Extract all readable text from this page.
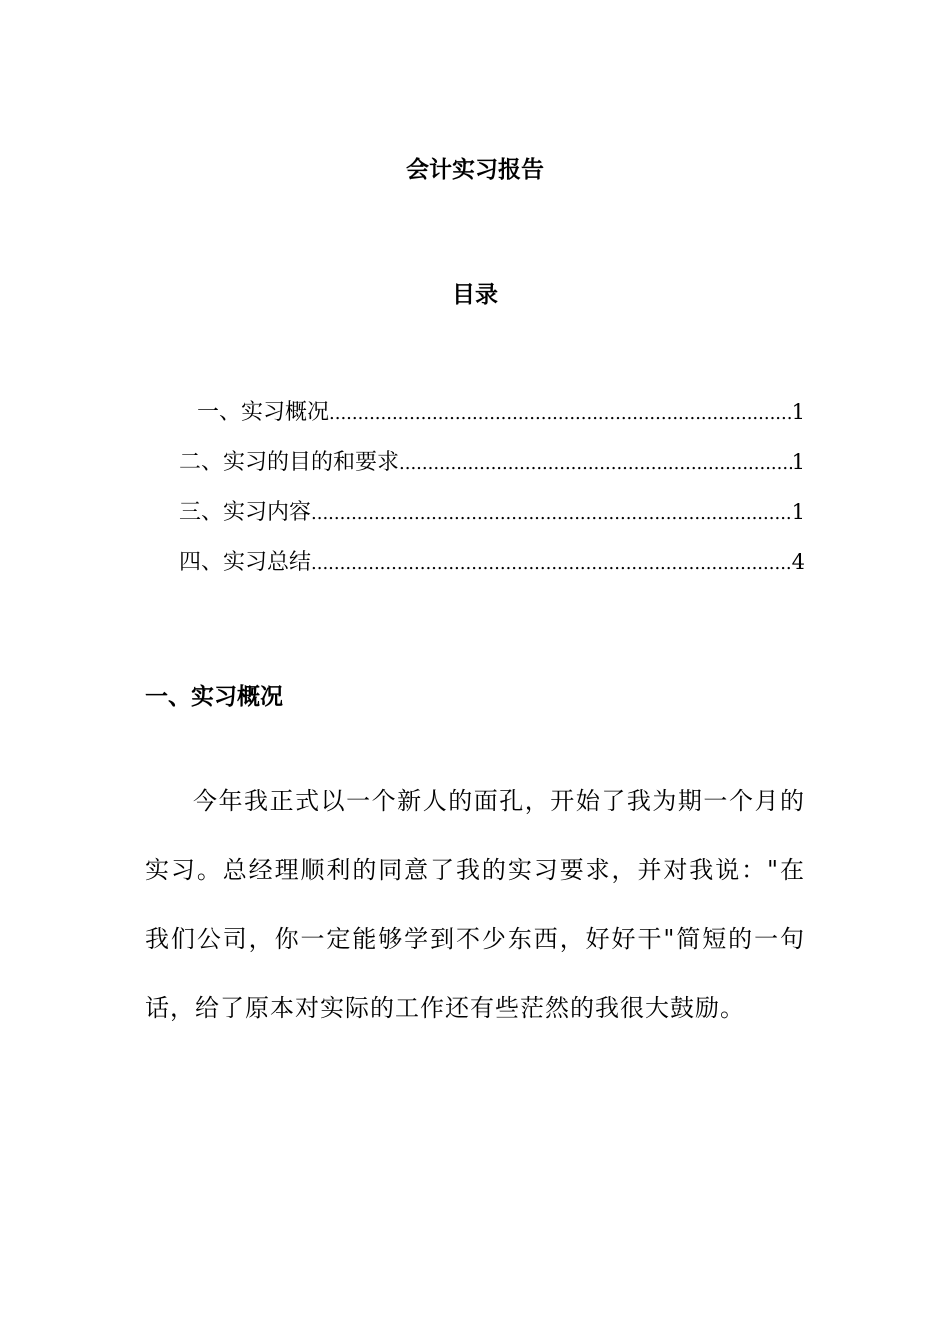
会计实习报告
目录
一、实习概况 .....	1
二、实习的目的和要求 .....	1
三、实习内容 .....	1
四、实习总结 .....	4
一、实习概况

今年我正式以一个新人的面孔，开始了我为期一个月的实习。总经理顺利的同意了我的实习要求，并对我说："在我们公司，你一定能够学到不少东西，好好干"简短的一句话，给了原本对实际的工作还有些茫然的我很大鼓励。
